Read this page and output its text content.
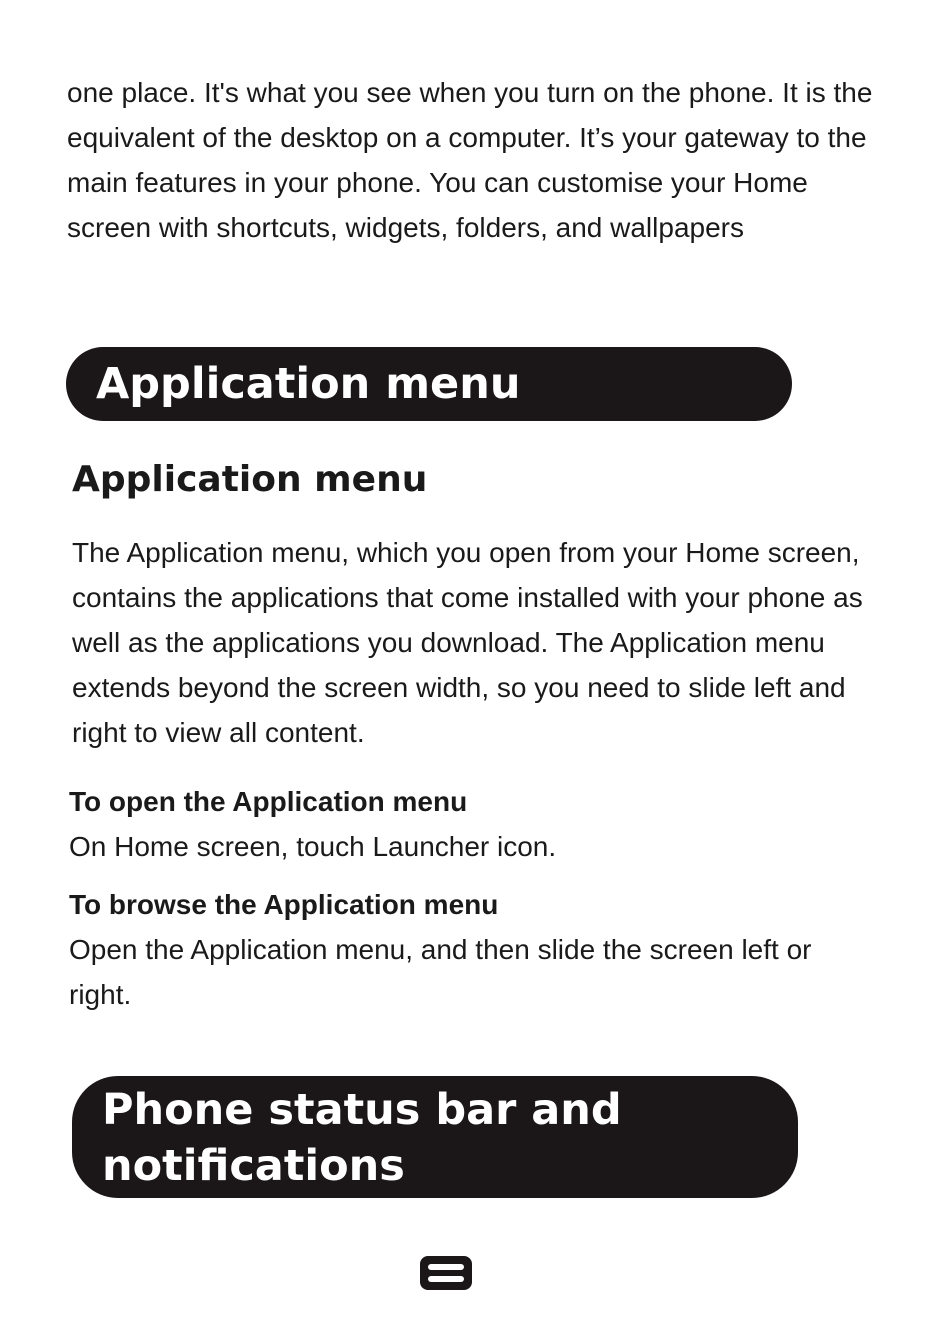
one place. It's what you see when you turn on the phone. It is the equivalent of the desktop on a computer. It’s your gateway to the main features in your phone. You can customise your Home screen with shortcuts, widgets, folders, and wallpapers

Application menu
Application menu

The Application menu, which you open from your Home screen, contains the applications that come installed with your phone as well as the applications you download. The Application menu extends beyond the screen width, so you need to slide left and right to view all content.

To open the Application menu

On Home screen, touch Launcher icon.

To browse the Application menu

Open the Application menu, and then slide the screen left or right.

Phone status bar and
notifications
